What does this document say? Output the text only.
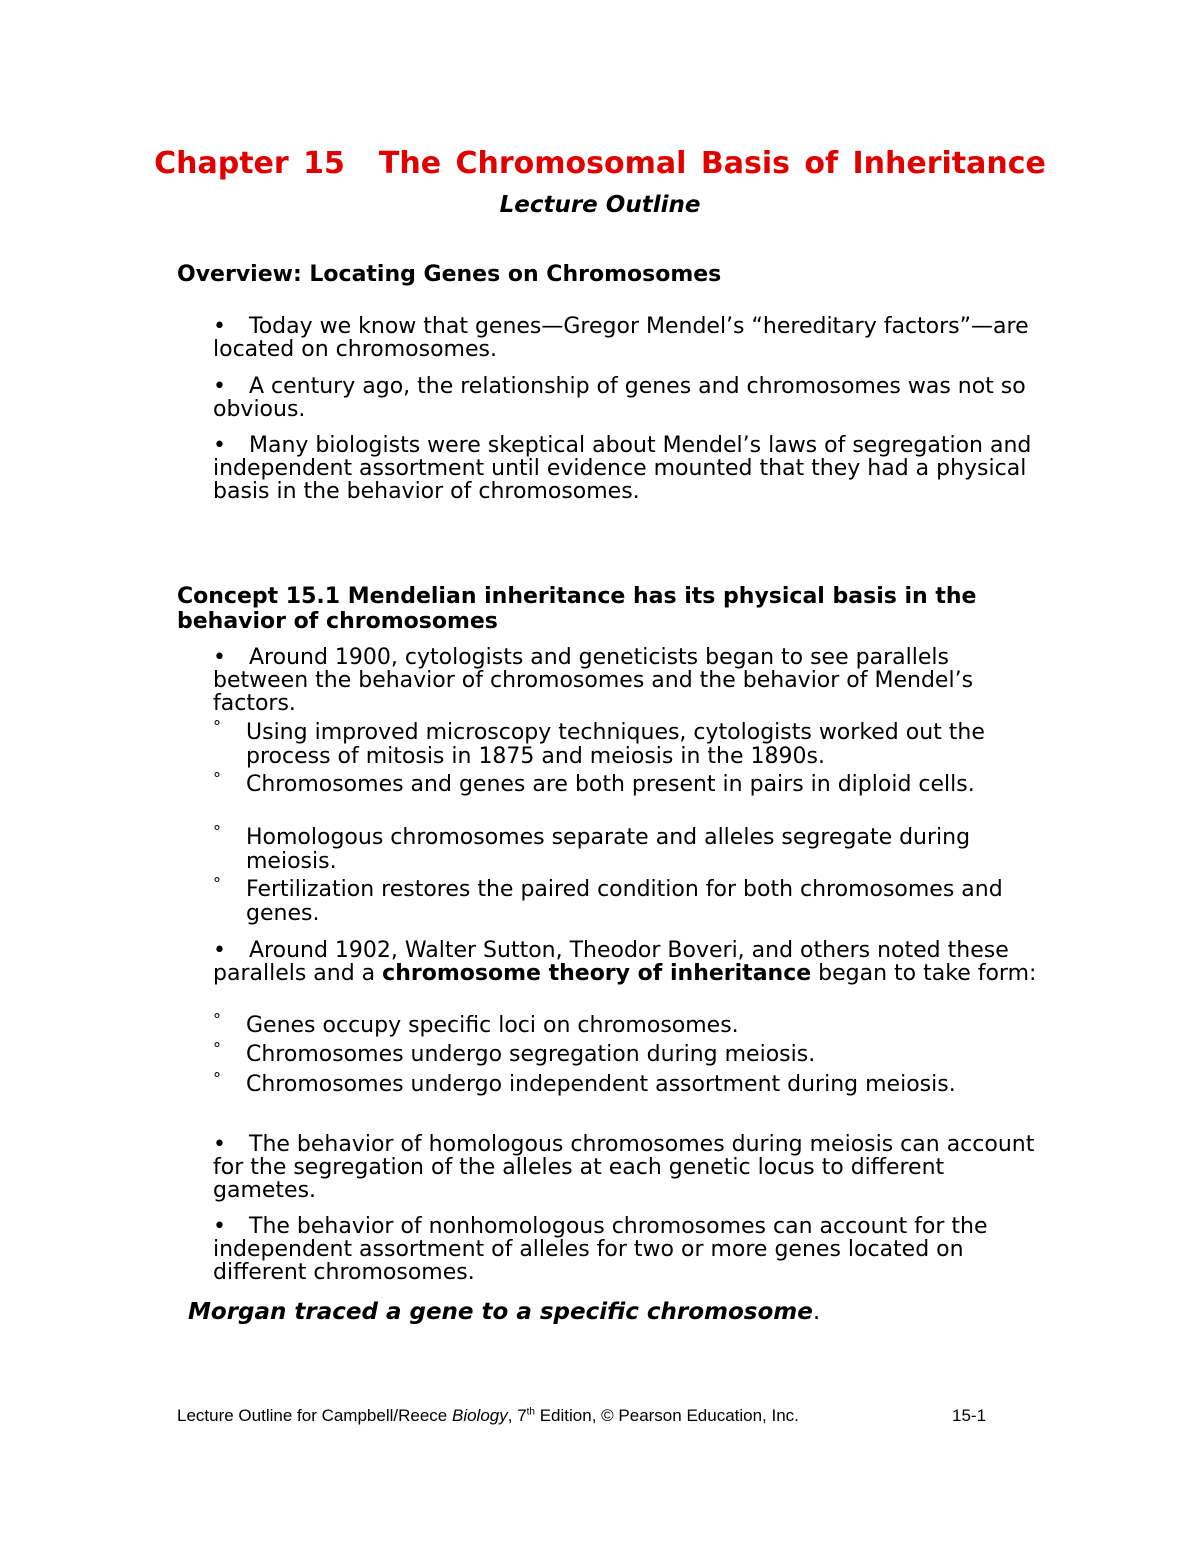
Chapter 15 The Chromosomal Basis of Inheritance
Lecture Outline
Overview: Locating Genes on Chromosomes

• Today we know that genes—Gregor Mendel’s “hereditary factors”—are located on chromosomes.

• A century ago, the relationship of genes and chromosomes was not so obvious.

• Many biologists were skeptical about Mendel’s laws of segregation and independent assortment until evidence mounted that they had a physical basis in the behavior of chromosomes.

Concept 15.1 Mendelian inheritance has its physical basis in the behavior of chromosomes

• Around 1900, cytologists and geneticists began to see parallels between the behavior of chromosomes and the behavior of Mendel’s factors.

° Using improved microscopy techniques, cytologists worked out the process of mitosis in 1875 and meiosis in the 1890s.

° Chromosomes and genes are both present in pairs in diploid cells.

° Homologous chromosomes separate and alleles segregate during meiosis.

° Fertilization restores the paired condition for both chromosomes and genes.

• Around 1902, Walter Sutton, Theodor Boveri, and others noted these parallels and a chromosome theory of inheritance began to take form:

° Genes occupy specific loci on chromosomes.

° Chromosomes undergo segregation during meiosis.

° Chromosomes undergo independent assortment during meiosis.

• The behavior of homologous chromosomes during meiosis can account for the segregation of the alleles at each genetic locus to different gametes.

• The behavior of nonhomologous chromosomes can account for the independent assortment of alleles for two or more genes located on different chromosomes.

Morgan traced a gene to a specific chromosome.
Lecture Outline for Campbell/Reece Biology, 7th Edition, © Pearson Education, Inc.	15-1
